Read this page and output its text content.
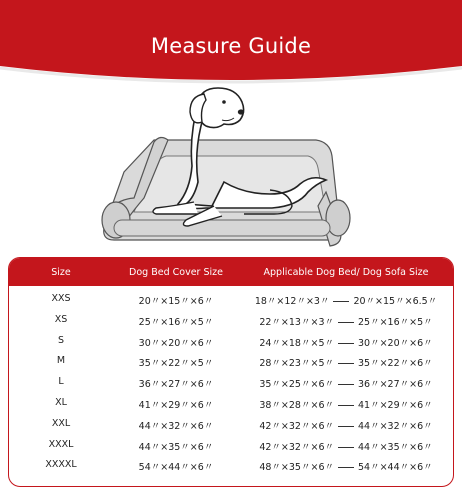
Measure Guide
Size	Dog Bed Cover Size	Applicable Dog Bed/ Dog Sofa Size
XXS	20〃×15〃×6〃	18〃×12〃×3〃	20〃×15〃×6.5〃
XS	25〃×16〃×5〃	22〃×13〃×3〃	25〃×16〃×5〃
S	30〃×20〃×6〃	24〃×18〃×5〃	30〃×20〃×6〃
M	35〃×22〃×5〃	28〃×23〃×5〃	35〃×22〃×6〃
L	36〃×27〃×6〃	35〃×25〃×6〃	36〃×27〃×6〃
XL	41〃×29〃×6〃	38〃×28〃×6〃	41〃×29〃×6〃
XXL	44〃×32〃×6〃	42〃×32〃×6〃	44〃×32〃×6〃
XXXL	44〃×35〃×6〃	42〃×32〃×6〃	44〃×35〃×6〃
XXXXL	54〃×44〃×6〃	48〃×35〃×6〃	54〃×44〃×6〃
